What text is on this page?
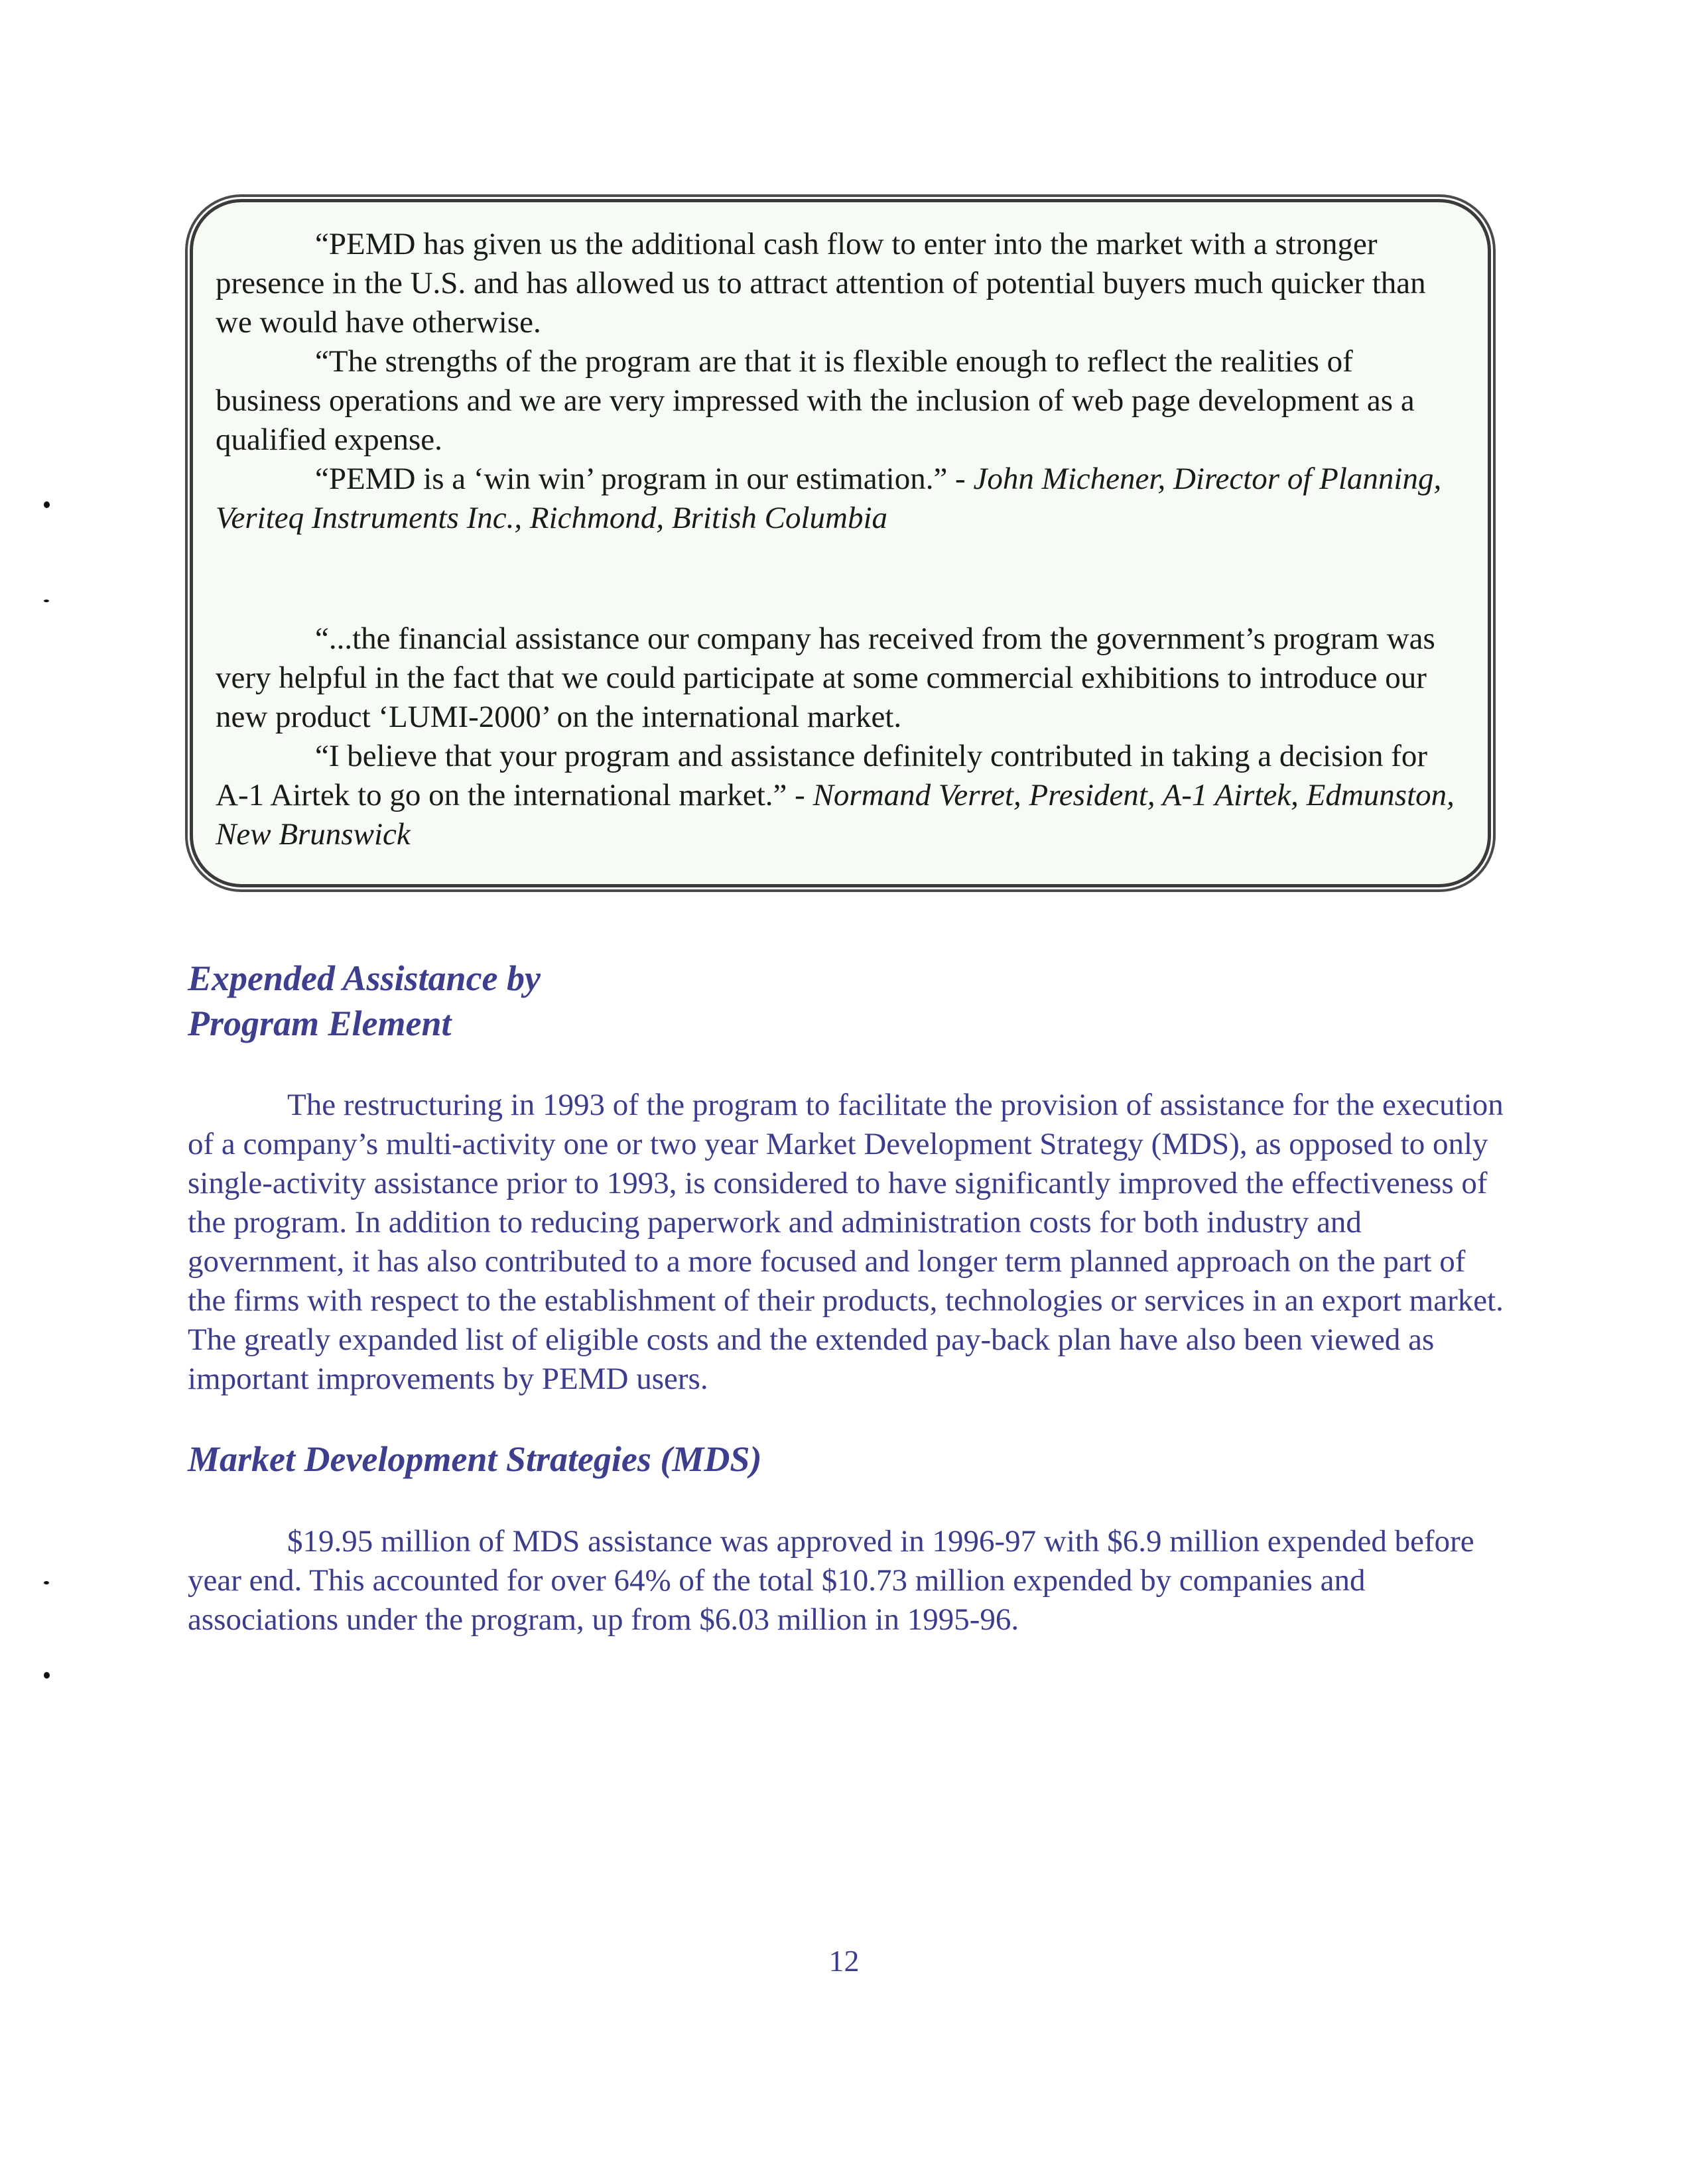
“PEMD has given us the additional cash flow to enter into the market with a stronger presence in the U.S. and has allowed us to attract attention of potential buyers much quicker than we would have otherwise.

“The strengths of the program are that it is flexible enough to reflect the realities of business operations and we are very impressed with the inclusion of web page development as a qualified expense.

“PEMD is a ‘win win’ program in our estimation.” - John Michener, Director of Planning, Veriteq Instruments Inc., Richmond, British Columbia

“...the financial assistance our company has received from the government’s program was very helpful in the fact that we could participate at some commercial exhibitions to introduce our new product ‘LUMI-2000’ on the international market.

“I believe that your program and assistance definitely contributed in taking a decision for A-1 Airtek to go on the international market.” - Normand Verret, President, A-1 Airtek, Edmunston, New Brunswick

Expended Assistance by
Program Element

The restructuring in 1993 of the program to facilitate the provision of assistance for the execution of a company’s multi-activity one or two year Market Development Strategy (MDS), as opposed to only single-activity assistance prior to 1993, is considered to have significantly improved the effectiveness of the program. In addition to reducing paperwork and administration costs for both industry and government, it has also contributed to a more focused and longer term planned approach on the part of the firms with respect to the establishment of their products, technologies or services in an export market. The greatly expanded list of eligible costs and the extended pay-back plan have also been viewed as important improvements by PEMD users.

Market Development Strategies (MDS)

$19.95 million of MDS assistance was approved in 1996-97 with $6.9 million expended before year end. This accounted for over 64% of the total $10.73 million expended by companies and associations under the program, up from $6.03 million in 1995-96.

12
